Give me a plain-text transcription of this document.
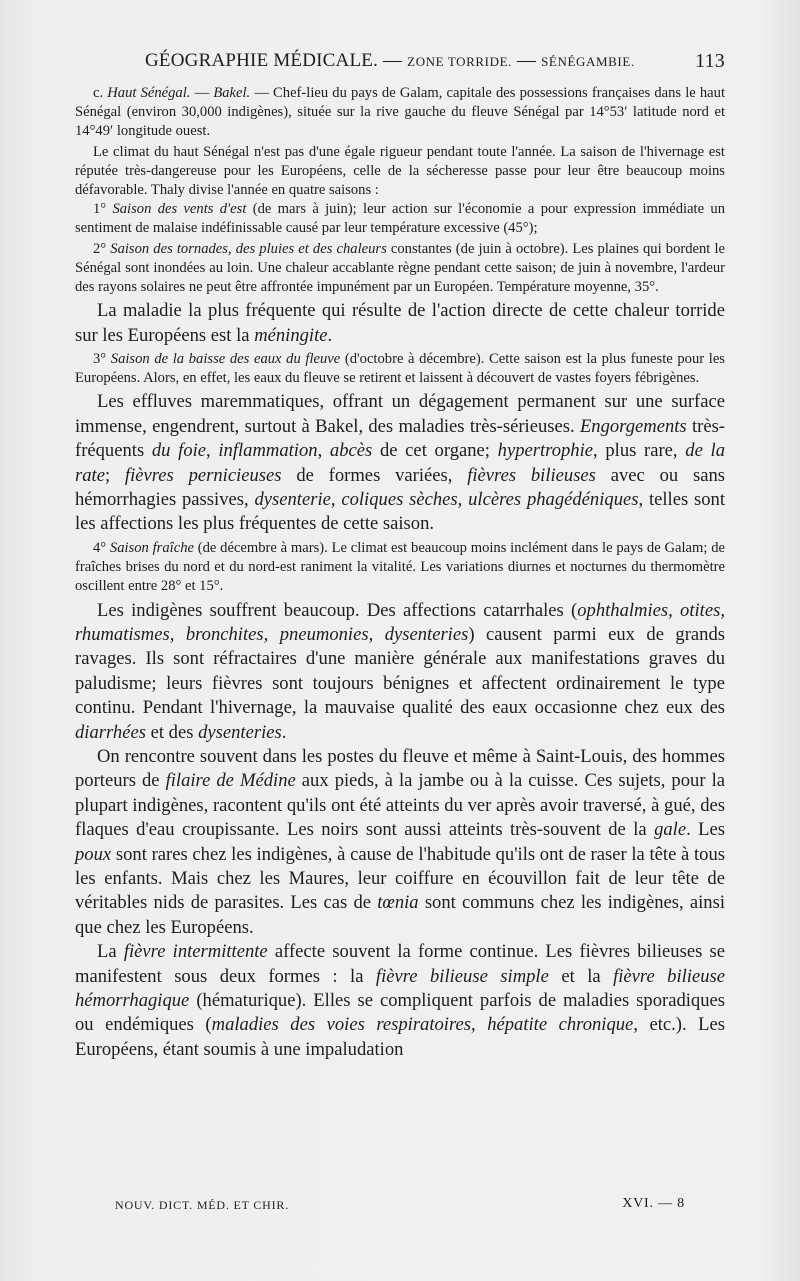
GÉOGRAPHIE MÉDICALE. — ZONE TORRIDE. — SÉNÉGAMBIE.	113

c. Haut Sénégal. — Bakel. — Chef-lieu du pays de Galam, capitale des possessions françaises dans le haut Sénégal (environ 30,000 indigènes), située sur la rive gauche du fleuve Sénégal par 14°53′ latitude nord et 14°49′ longitude ouest.

Le climat du haut Sénégal n'est pas d'une égale rigueur pendant toute l'année. La saison de l'hivernage est réputée très-dangereuse pour les Européens, celle de la sécheresse passe pour leur être beaucoup moins défavorable. Thaly divise l'année en quatre saisons :

1° Saison des vents d'est (de mars à juin); leur action sur l'économie a pour expression immédiate un sentiment de malaise indéfinissable causé par leur température excessive (45°);

2° Saison des tornades, des pluies et des chaleurs constantes (de juin à octobre). Les plaines qui bordent le Sénégal sont inondées au loin. Une chaleur accablante règne pendant cette saison; de juin à novembre, l'ardeur des rayons solaires ne peut être affrontée impunément par un Européen. Température moyenne, 35°.

La maladie la plus fréquente qui résulte de l'action directe de cette chaleur torride sur les Européens est la méningite.

3° Saison de la baisse des eaux du fleuve (d'octobre à décembre). Cette saison est la plus funeste pour les Européens. Alors, en effet, les eaux du fleuve se retirent et laissent à découvert de vastes foyers fébrigènes.

Les effluves maremmatiques, offrant un dégagement permanent sur une surface immense, engendrent, surtout à Bakel, des maladies très-sérieuses. Engorgements très-fréquents du foie, inflammation, abcès de cet organe; hypertrophie, plus rare, de la rate; fièvres pernicieuses de formes variées, fièvres bilieuses avec ou sans hémorrhagies passives, dysenterie, coliques sèches, ulcères phagédéniques, telles sont les affections les plus fréquentes de cette saison.

4° Saison fraîche (de décembre à mars). Le climat est beaucoup moins inclément dans le pays de Galam; de fraîches brises du nord et du nord-est raniment la vitalité. Les variations diurnes et nocturnes du thermomètre oscillent entre 28° et 15°.

Les indigènes souffrent beaucoup. Des affections catarrhales (ophthalmies, otites, rhumatismes, bronchites, pneumonies, dysenteries) causent parmi eux de grands ravages. Ils sont réfractaires d'une manière générale aux manifestations graves du paludisme; leurs fièvres sont toujours bénignes et affectent ordinairement le type continu. Pendant l'hivernage, la mauvaise qualité des eaux occasionne chez eux des diarrhées et des dysenteries.

On rencontre souvent dans les postes du fleuve et même à Saint-Louis, des hommes porteurs de filaire de Médine aux pieds, à la jambe ou à la cuisse. Ces sujets, pour la plupart indigènes, racontent qu'ils ont été atteints du ver après avoir traversé, à gué, des flaques d'eau croupissante. Les noirs sont aussi atteints très-souvent de la gale. Les poux sont rares chez les indigènes, à cause de l'habitude qu'ils ont de raser la tête à tous les enfants. Mais chez les Maures, leur coiffure en écouvillon fait de leur tête de véritables nids de parasites. Les cas de tœnia sont communs chez les indigènes, ainsi que chez les Européens.

La fièvre intermittente affecte souvent la forme continue. Les fièvres bilieuses se manifestent sous deux formes : la fièvre bilieuse simple et la fièvre bilieuse hémorrhagique (hématurique). Elles se compliquent parfois de maladies sporadiques ou endémiques (maladies des voies respiratoires, hépatite chronique, etc.). Les Européens, étant soumis à une impaludation

NOUV. DICT. MÉD. ET CHIR.	XVI. — 8
